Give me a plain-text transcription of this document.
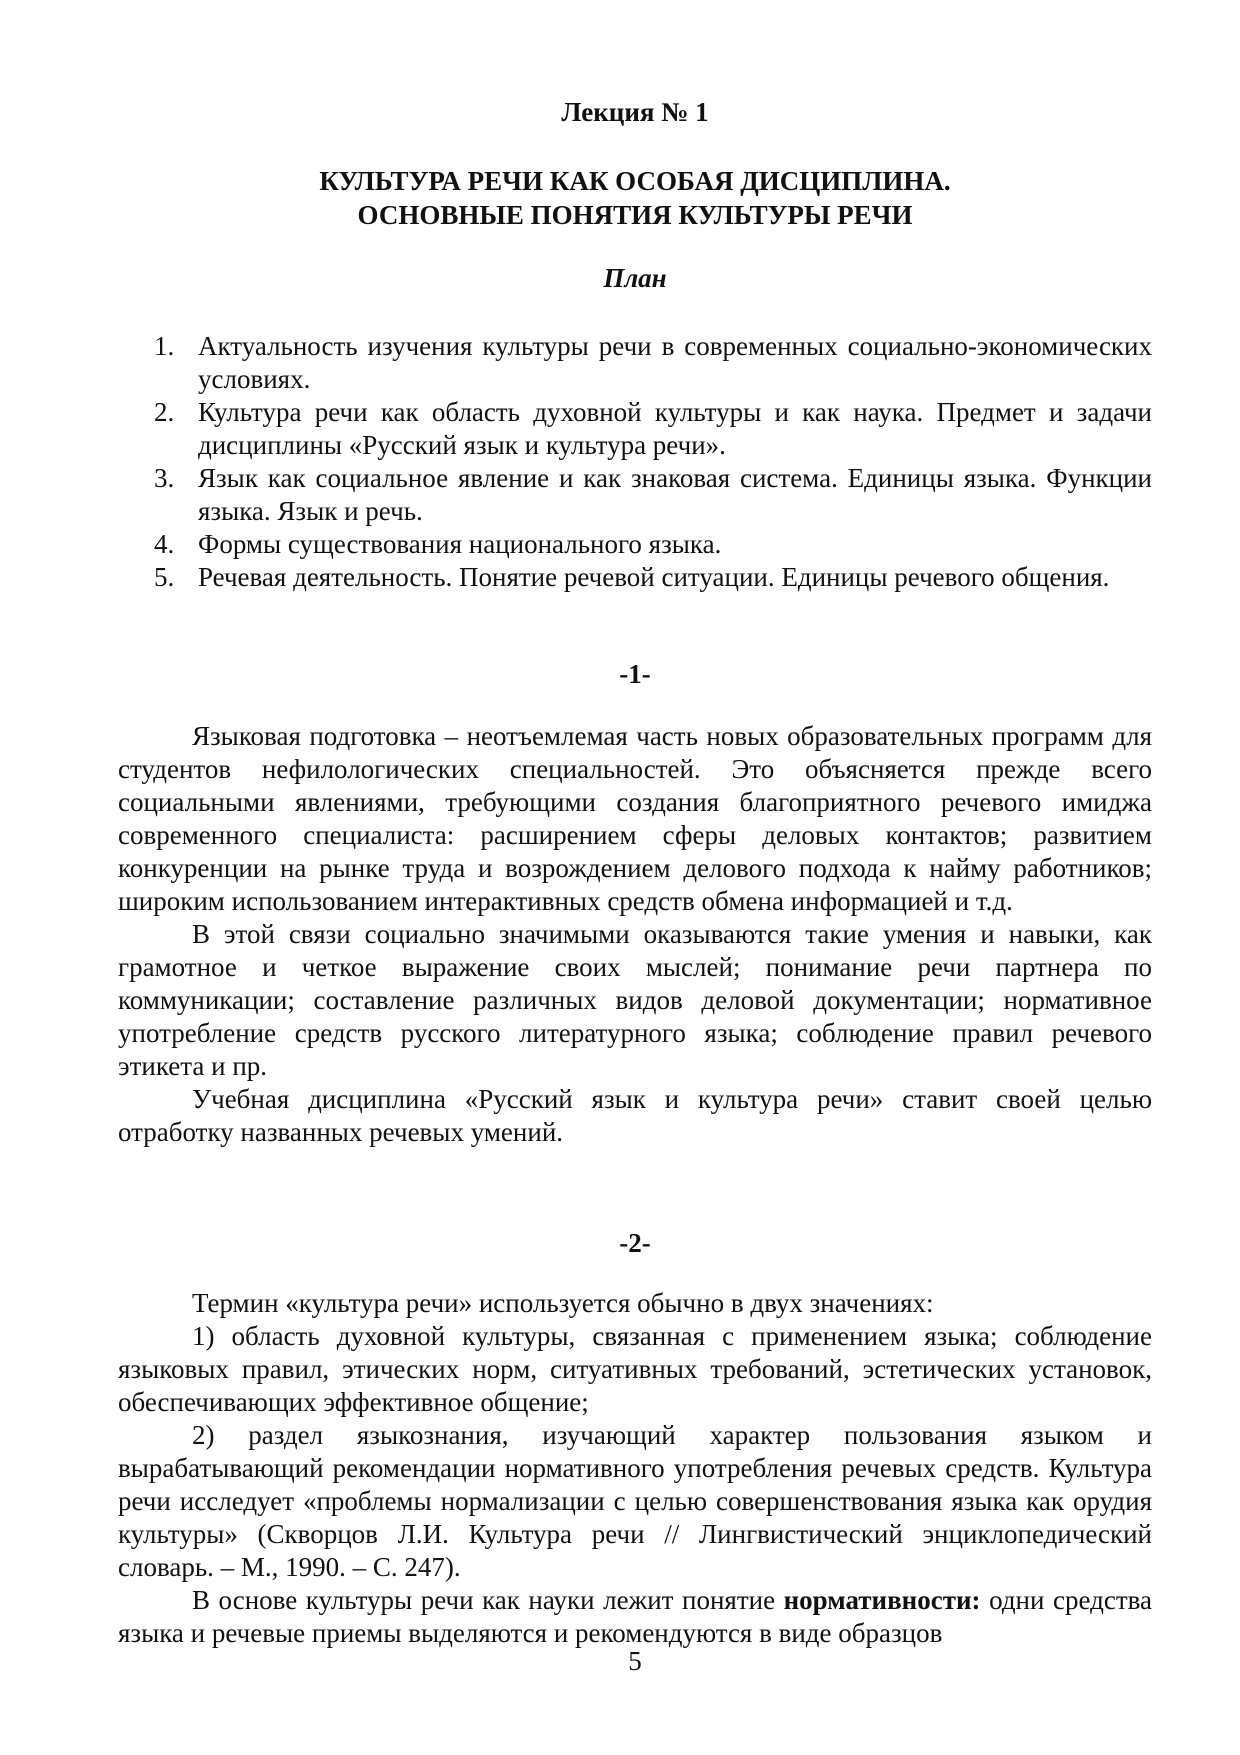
Лекция № 1
КУЛЬТУРА РЕЧИ КАК ОСОБАЯ ДИСЦИПЛИНА.
ОСНОВНЫЕ ПОНЯТИЯ КУЛЬТУРЫ РЕЧИ
План
1. Актуальность изучения культуры речи в современных социально-экономических условиях.
2. Культура речи как область духовной культуры и как наука. Предмет и задачи дисциплины «Русский язык и культура речи».
3. Язык как социальное явление и как знаковая система. Единицы языка. Функции языка. Язык и речь.
4. Формы существования национального языка.
5. Речевая деятельность. Понятие речевой ситуации. Единицы речевого общения.
-1-

Языковая подготовка – неотъемлемая часть новых образовательных программ для студентов нефилологических специальностей. Это объясняется прежде всего социальными явлениями, требующими создания благоприятного речевого имиджа современного специалиста: расширением сферы деловых контактов; развитием конкуренции на рынке труда и возрождением делового подхода к найму работников; широким использованием интерактивных средств обмена информацией и т.д.

В этой связи социально значимыми оказываются такие умения и навыки, как грамотное и четкое выражение своих мыслей; понимание речи партнера по коммуникации; составление различных видов деловой документации; нормативное употребление средств русского литературного языка; соблюдение правил речевого этикета и пр.

Учебная дисциплина «Русский язык и культура речи» ставит своей целью отработку названных речевых умений.

-2-

Термин «культура речи» используется обычно в двух значениях:

1) область духовной культуры, связанная с применением языка; соблюдение языковых правил, этических норм, ситуативных требований, эстетических установок, обеспечивающих эффективное общение;

2) раздел языкознания, изучающий характер пользования языком и вырабатывающий рекомендации нормативного употребления речевых средств. Культура речи исследует «проблемы нормализации с целью совершенствования языка как орудия культуры» (Скворцов Л.И. Культура речи // Лингвистический энциклопедический словарь. – М., 1990. – С. 247).

В основе культуры речи как науки лежит понятие нормативности: одни средства языка и речевые приемы выделяются и рекомендуются в виде образцов

5
